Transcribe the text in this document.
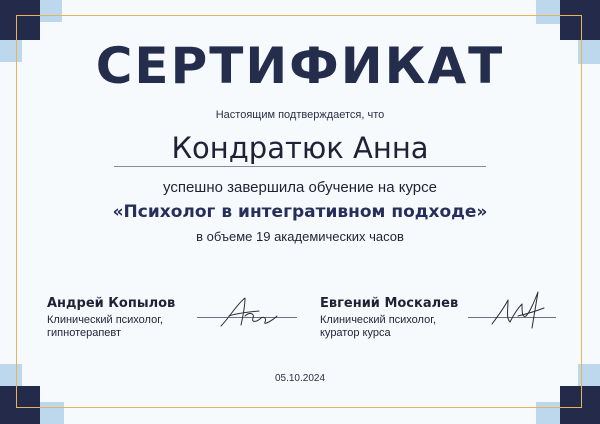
СЕРТИФИКАТ
Настоящим подтверждается, что
Кондратюк Анна
успешно завершила обучение на курсе
«Психолог в интегративном подходе»
в объеме 19 академических часов
Андрей Копылов
Клинический психолог,
гипнотерапевт
Евгений Москалев
Клинический психолог,
куратор курса
05.10.2024
